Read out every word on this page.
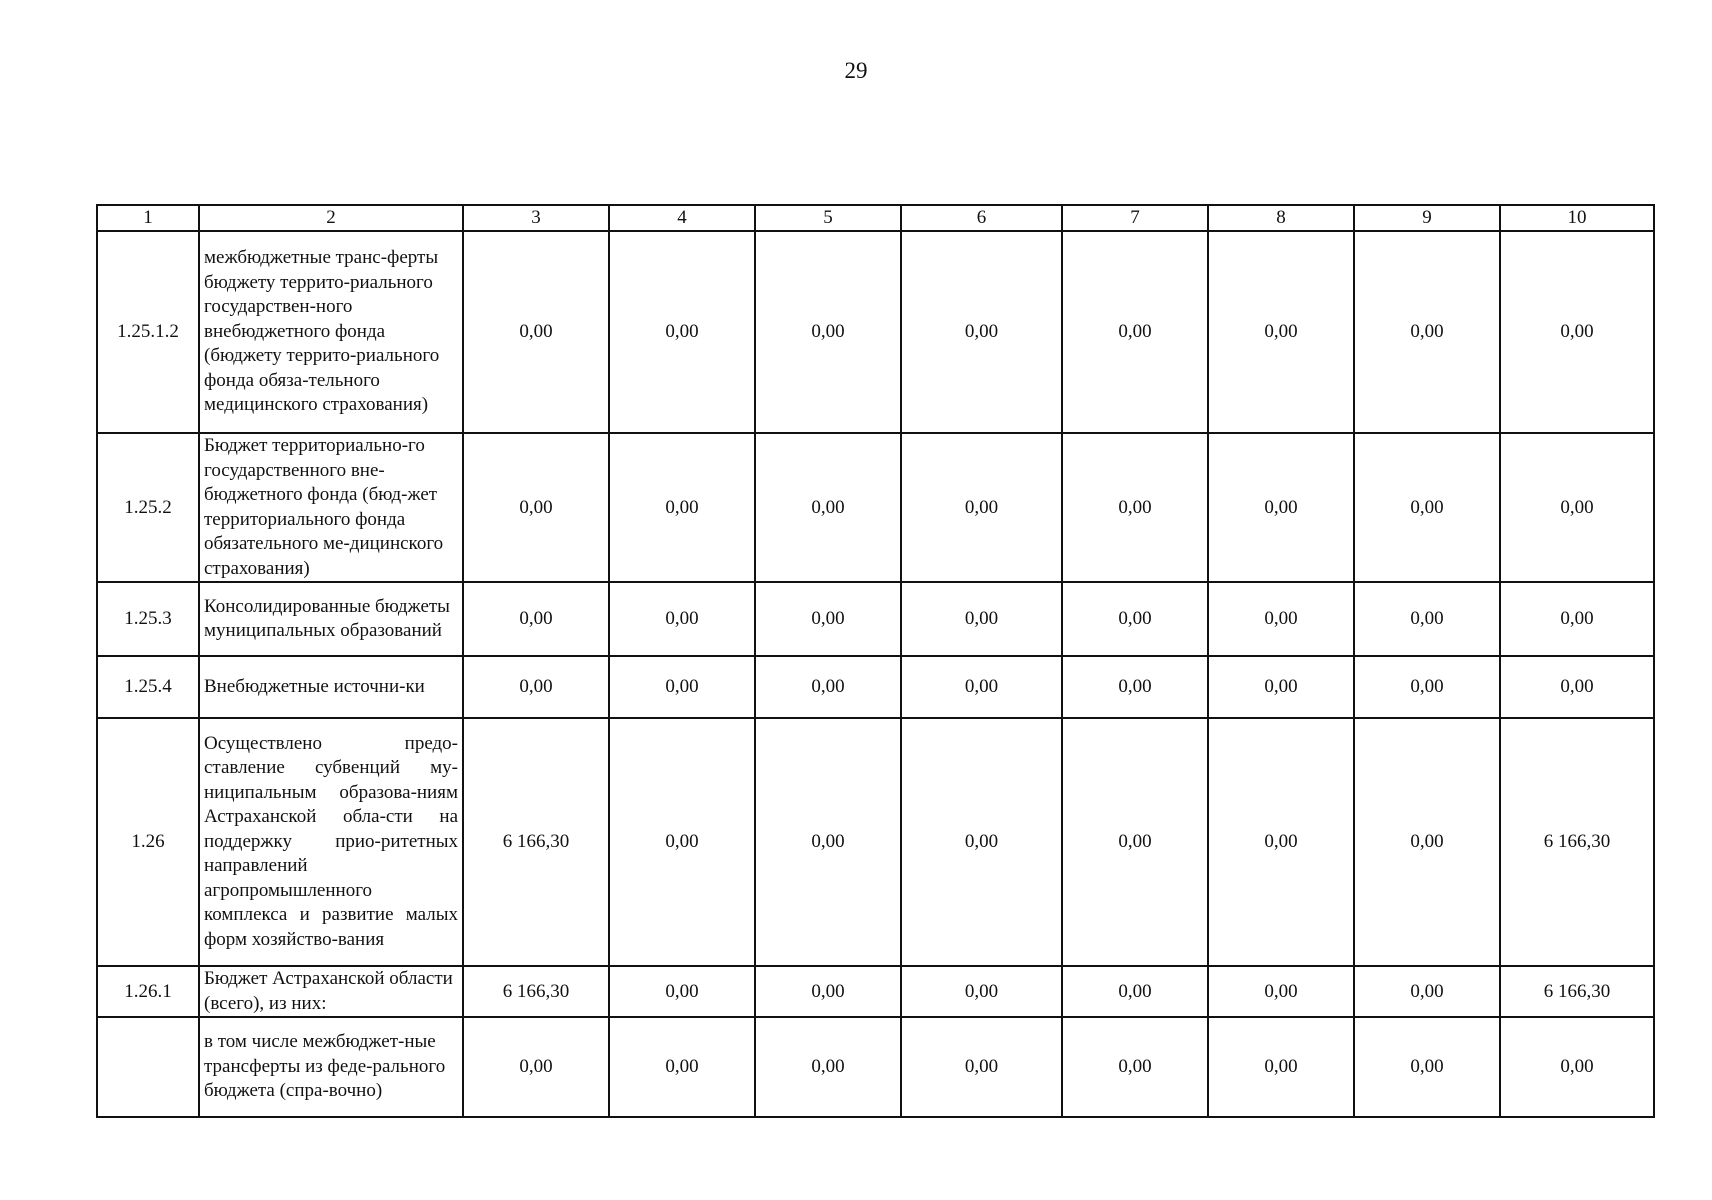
29
1	2	3	4	5	6	7	8	9	10
1.25.1.2	межбюджетные транс-ферты бюджету террито-риального государствен-ного внебюджетного фонда (бюджету террито-риального фонда обяза-тельного медицинского страхования)	0,00	0,00	0,00	0,00	0,00	0,00	0,00	0,00
1.25.2	Бюджет территориально-го государственного вне-бюджетного фонда (бюд-жет территориального фонда обязательного ме-дицинского страхования)	0,00	0,00	0,00	0,00	0,00	0,00	0,00	0,00
1.25.3	Консолидированные бюджеты муниципальных образований	0,00	0,00	0,00	0,00	0,00	0,00	0,00	0,00
1.25.4	Внебюджетные источни-ки	0,00	0,00	0,00	0,00	0,00	0,00	0,00	0,00
1.26	Осуществлено предо-ставление субвенций му-ниципальным образова-ниям Астраханской обла-сти на поддержку прио-ритетных направлений агропромышленного комплекса и развитие малых форм хозяйство-вания	6 166,30	0,00	0,00	0,00	0,00	0,00	0,00	6 166,30
1.26.1	Бюджет Астраханской области (всего), из них:	6 166,30	0,00	0,00	0,00	0,00	0,00	0,00	6 166,30
	в том числе межбюджет-ные трансферты из феде-рального бюджета (спра-вочно)	0,00	0,00	0,00	0,00	0,00	0,00	0,00	0,00
